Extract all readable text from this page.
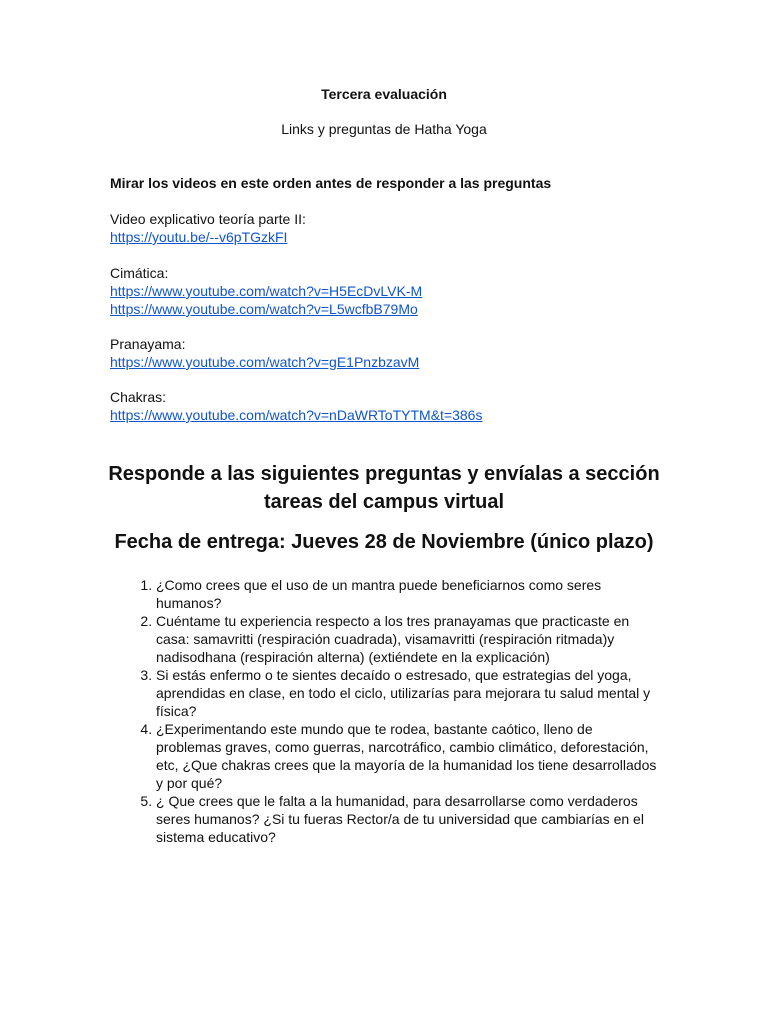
Tercera evaluación
Links y preguntas de Hatha Yoga
Mirar los videos en este orden antes de responder a las preguntas
Video explicativo teoría parte II:
https://youtu.be/--v6pTGzkFI
Cimática:
https://www.youtube.com/watch?v=H5EcDvLVK-M
https://www.youtube.com/watch?v=L5wcfbB79Mo
Pranayama:
https://www.youtube.com/watch?v=gE1PnzbzavM
Chakras:
https://www.youtube.com/watch?v=nDaWRToTYTM&t=386s
Responde a las siguientes preguntas y envíalas a sección tareas del campus virtual
Fecha de entrega: Jueves 28 de Noviembre (único plazo)
1. ¿Como crees que el uso de un mantra puede beneficiarnos como seres humanos?
2. Cuéntame tu experiencia respecto a los tres pranayamas que practicaste en casa: samavritti (respiración cuadrada), visamavritti (respiración ritmada)y nadisodhana (respiración alterna) (extiéndete en la explicación)
3. Si estás enfermo o te sientes decaído o estresado, que estrategias del yoga, aprendidas en clase, en todo el ciclo, utilizarías para mejorara tu salud mental y física?
4. ¿Experimentando este mundo que te rodea, bastante caótico, lleno de problemas graves, como guerras, narcotráfico, cambio climático, deforestación, etc, ¿Que chakras crees que la mayoría de la humanidad los tiene desarrollados y por qué?
5. ¿ Que crees que le falta a la humanidad, para desarrollarse como verdaderos seres humanos? ¿Si tu fueras Rector/a de tu universidad que cambiarías en el sistema educativo?
